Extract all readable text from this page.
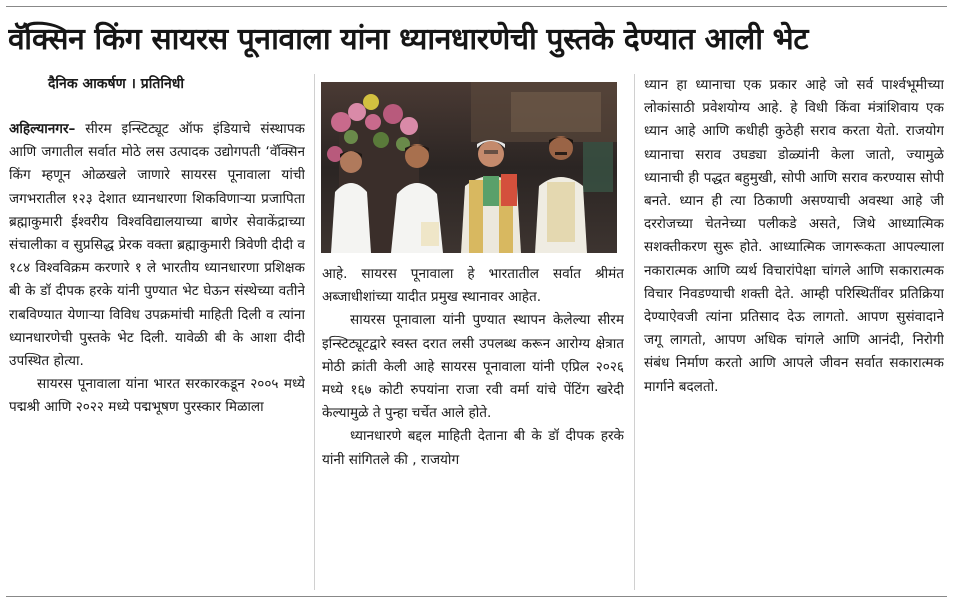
वॅक्सिन किंग सायरस पूनावाला यांना ध्यानधारणेची पुस्तके देण्यात आली भेट
दैनिक आकर्षण । प्रतिनिधी

अहिल्यानगर– सीरम इन्स्टिट्यूट ऑफ इंडियाचे संस्थापक आणि जगातील सर्वात मोठे लस उत्पादक उद्योगपती ‘वॅक्सिन किंग म्हणून ओळखले जाणारे सायरस पूनावाला यांची जगभरातील १२३ देशात ध्यानधारणा शिकविणाऱ्या प्रजापिता ब्रह्माकुमारी ईश्वरीय विश्वविद्यालयाच्या बाणेर सेवाकेंद्राच्या संचालीका व सुप्रसिद्ध प्रेरक वक्ता ब्रह्माकुमारी त्रिवेणी दीदी व १८४ विश्वविक्रम करणारे १ ले भारतीय ध्यानधारणा प्रशिक्षक बी के डॉ दीपक हरके यांनी पुण्यात भेट घेऊन संस्थेच्या वतीने राबविण्यात येणाऱ्या विविध उपक्रमांची माहिती दिली व त्यांना ध्यानधारणेची पुस्तके भेट दिली. यावेळी बी के आशा दीदी उपस्थित होत्या.

सायरस पूनावाला यांना भारत सरकारकडून २००५ मध्ये पद्मश्री आणि २०२२ मध्ये पद्मभूषण पुरस्कार मिळाला

आहे. सायरस पूनावाला हे भारतातील सर्वात श्रीमंत अब्जाधीशांच्या यादीत प्रमुख स्थानावर आहेत.

सायरस पूनावाला यांनी पुण्यात स्थापन केलेल्या सीरम इन्स्टिट्यूटद्वारे स्वस्त दरात लसी उपलब्ध करून आरोग्य क्षेत्रात मोठी क्रांती केली आहे सायरस पूनावाला यांनी एप्रिल २०२६ मध्ये १६७ कोटी रुपयांना राजा रवी वर्मा यांचे पेंटिंग खरेदी केल्यामुळे ते पुन्हा चर्चेत आले होते.

ध्यानधारणे बद्दल माहिती देताना बी के डॉ दीपक हरके यांनी सांगितले की , राजयोग

ध्यान हा ध्यानाचा एक प्रकार आहे जो सर्व पार्श्वभूमीच्या लोकांसाठी प्रवेशयोग्य आहे. हे विधी किंवा मंत्रांशिवाय एक ध्यान आहे आणि कधीही कुठेही सराव करता येतो. राजयोग ध्यानाचा सराव उघड्या डोळ्यांनी केला जातो, ज्यामुळे ध्यानाची ही पद्धत बहुमुखी, सोपी आणि सराव करण्यास सोपी बनते. ध्यान ही त्या ठिकाणी असण्याची अवस्था आहे जी दररोजच्या चेतनेच्या पलीकडे असते, जिथे आध्यात्मिक सशक्तीकरण सुरू होते. आध्यात्मिक जागरूकता आपल्याला नकारात्मक आणि व्यर्थ विचारांपेक्षा चांगले आणि सकारात्मक विचार निवडण्याची शक्ती देते. आम्ही परिस्थितींवर प्रतिक्रिया देण्याऐवजी त्यांना प्रतिसाद देऊ लागतो. आपण सुसंवादाने जगू लागतो, आपण अधिक चांगले आणि आनंदी, निरोगी संबंध निर्माण करतो आणि आपले जीवन सर्वात सकारात्मक मार्गाने बदलतो.
